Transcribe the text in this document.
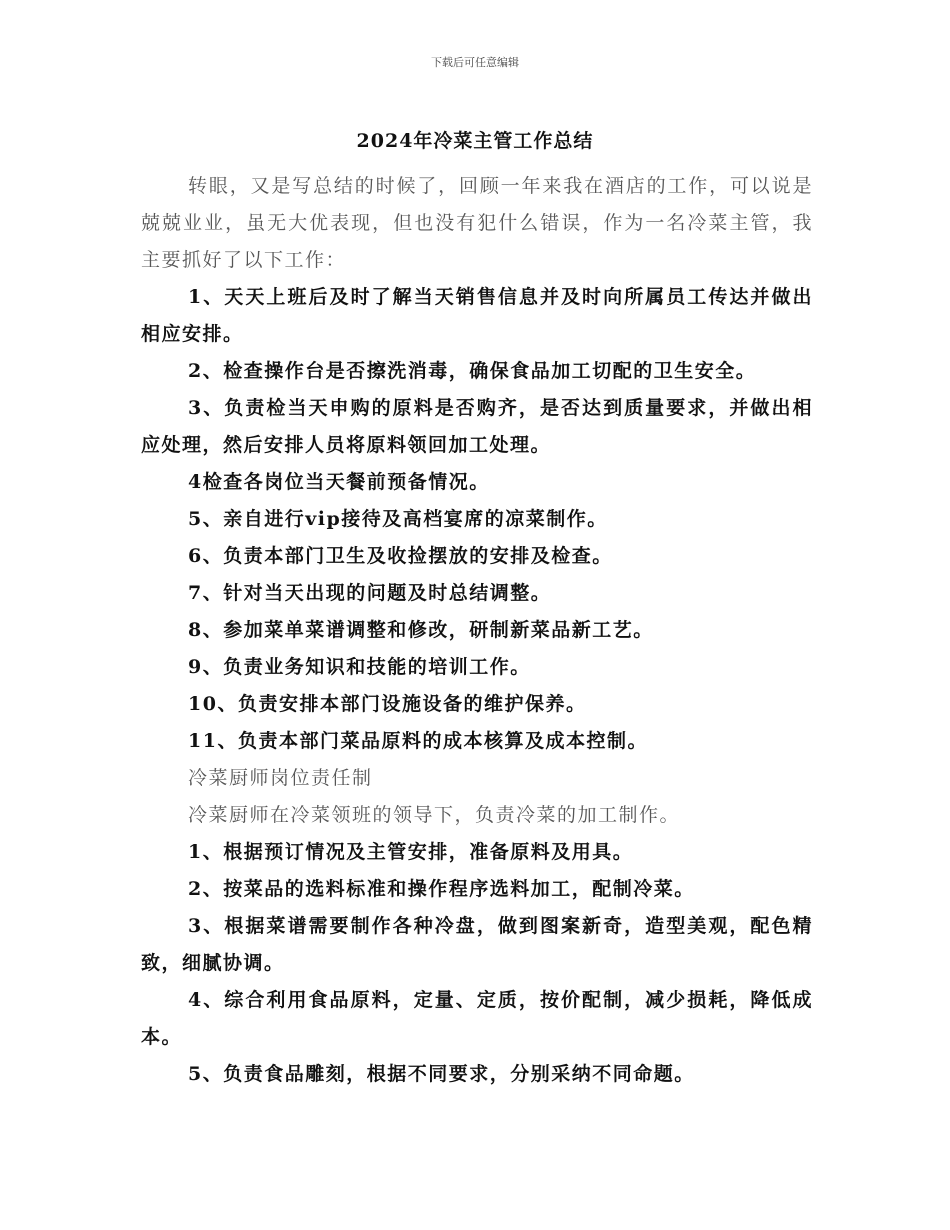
下载后可任意编辑
2024年冷菜主管工作总结

转眼，又是写总结的时候了，回顾一年来我在酒店的工作，可以说是兢兢业业，虽无大优表现，但也没有犯什么错误，作为一名冷菜主管，我主要抓好了以下工作：

1、天天上班后及时了解当天销售信息并及时向所属员工传达并做出相应安排。

2、检查操作台是否擦洗消毒，确保食品加工切配的卫生安全。

3、负责检当天申购的原料是否购齐，是否达到质量要求，并做出相应处理，然后安排人员将原料领回加工处理。

4检查各岗位当天餐前预备情况。

5、亲自进行vip接待及高档宴席的凉菜制作。

6、负责本部门卫生及收捡摆放的安排及检查。

7、针对当天出现的问题及时总结调整。

8、参加菜单菜谱调整和修改，研制新菜品新工艺。

9、负责业务知识和技能的培训工作。

10、负责安排本部门设施设备的维护保养。

11、负责本部门菜品原料的成本核算及成本控制。

冷菜厨师岗位责任制

冷菜厨师在冷菜领班的领导下，负责冷菜的加工制作。

1、根据预订情况及主管安排，准备原料及用具。

2、按菜品的选料标准和操作程序选料加工，配制冷菜。

3、根据菜谱需要制作各种冷盘，做到图案新奇，造型美观，配色精致，细腻协调。

4、综合利用食品原料，定量、定质，按价配制，减少损耗，降低成本。

5、负责食品雕刻，根据不同要求，分别采纳不同命题。
